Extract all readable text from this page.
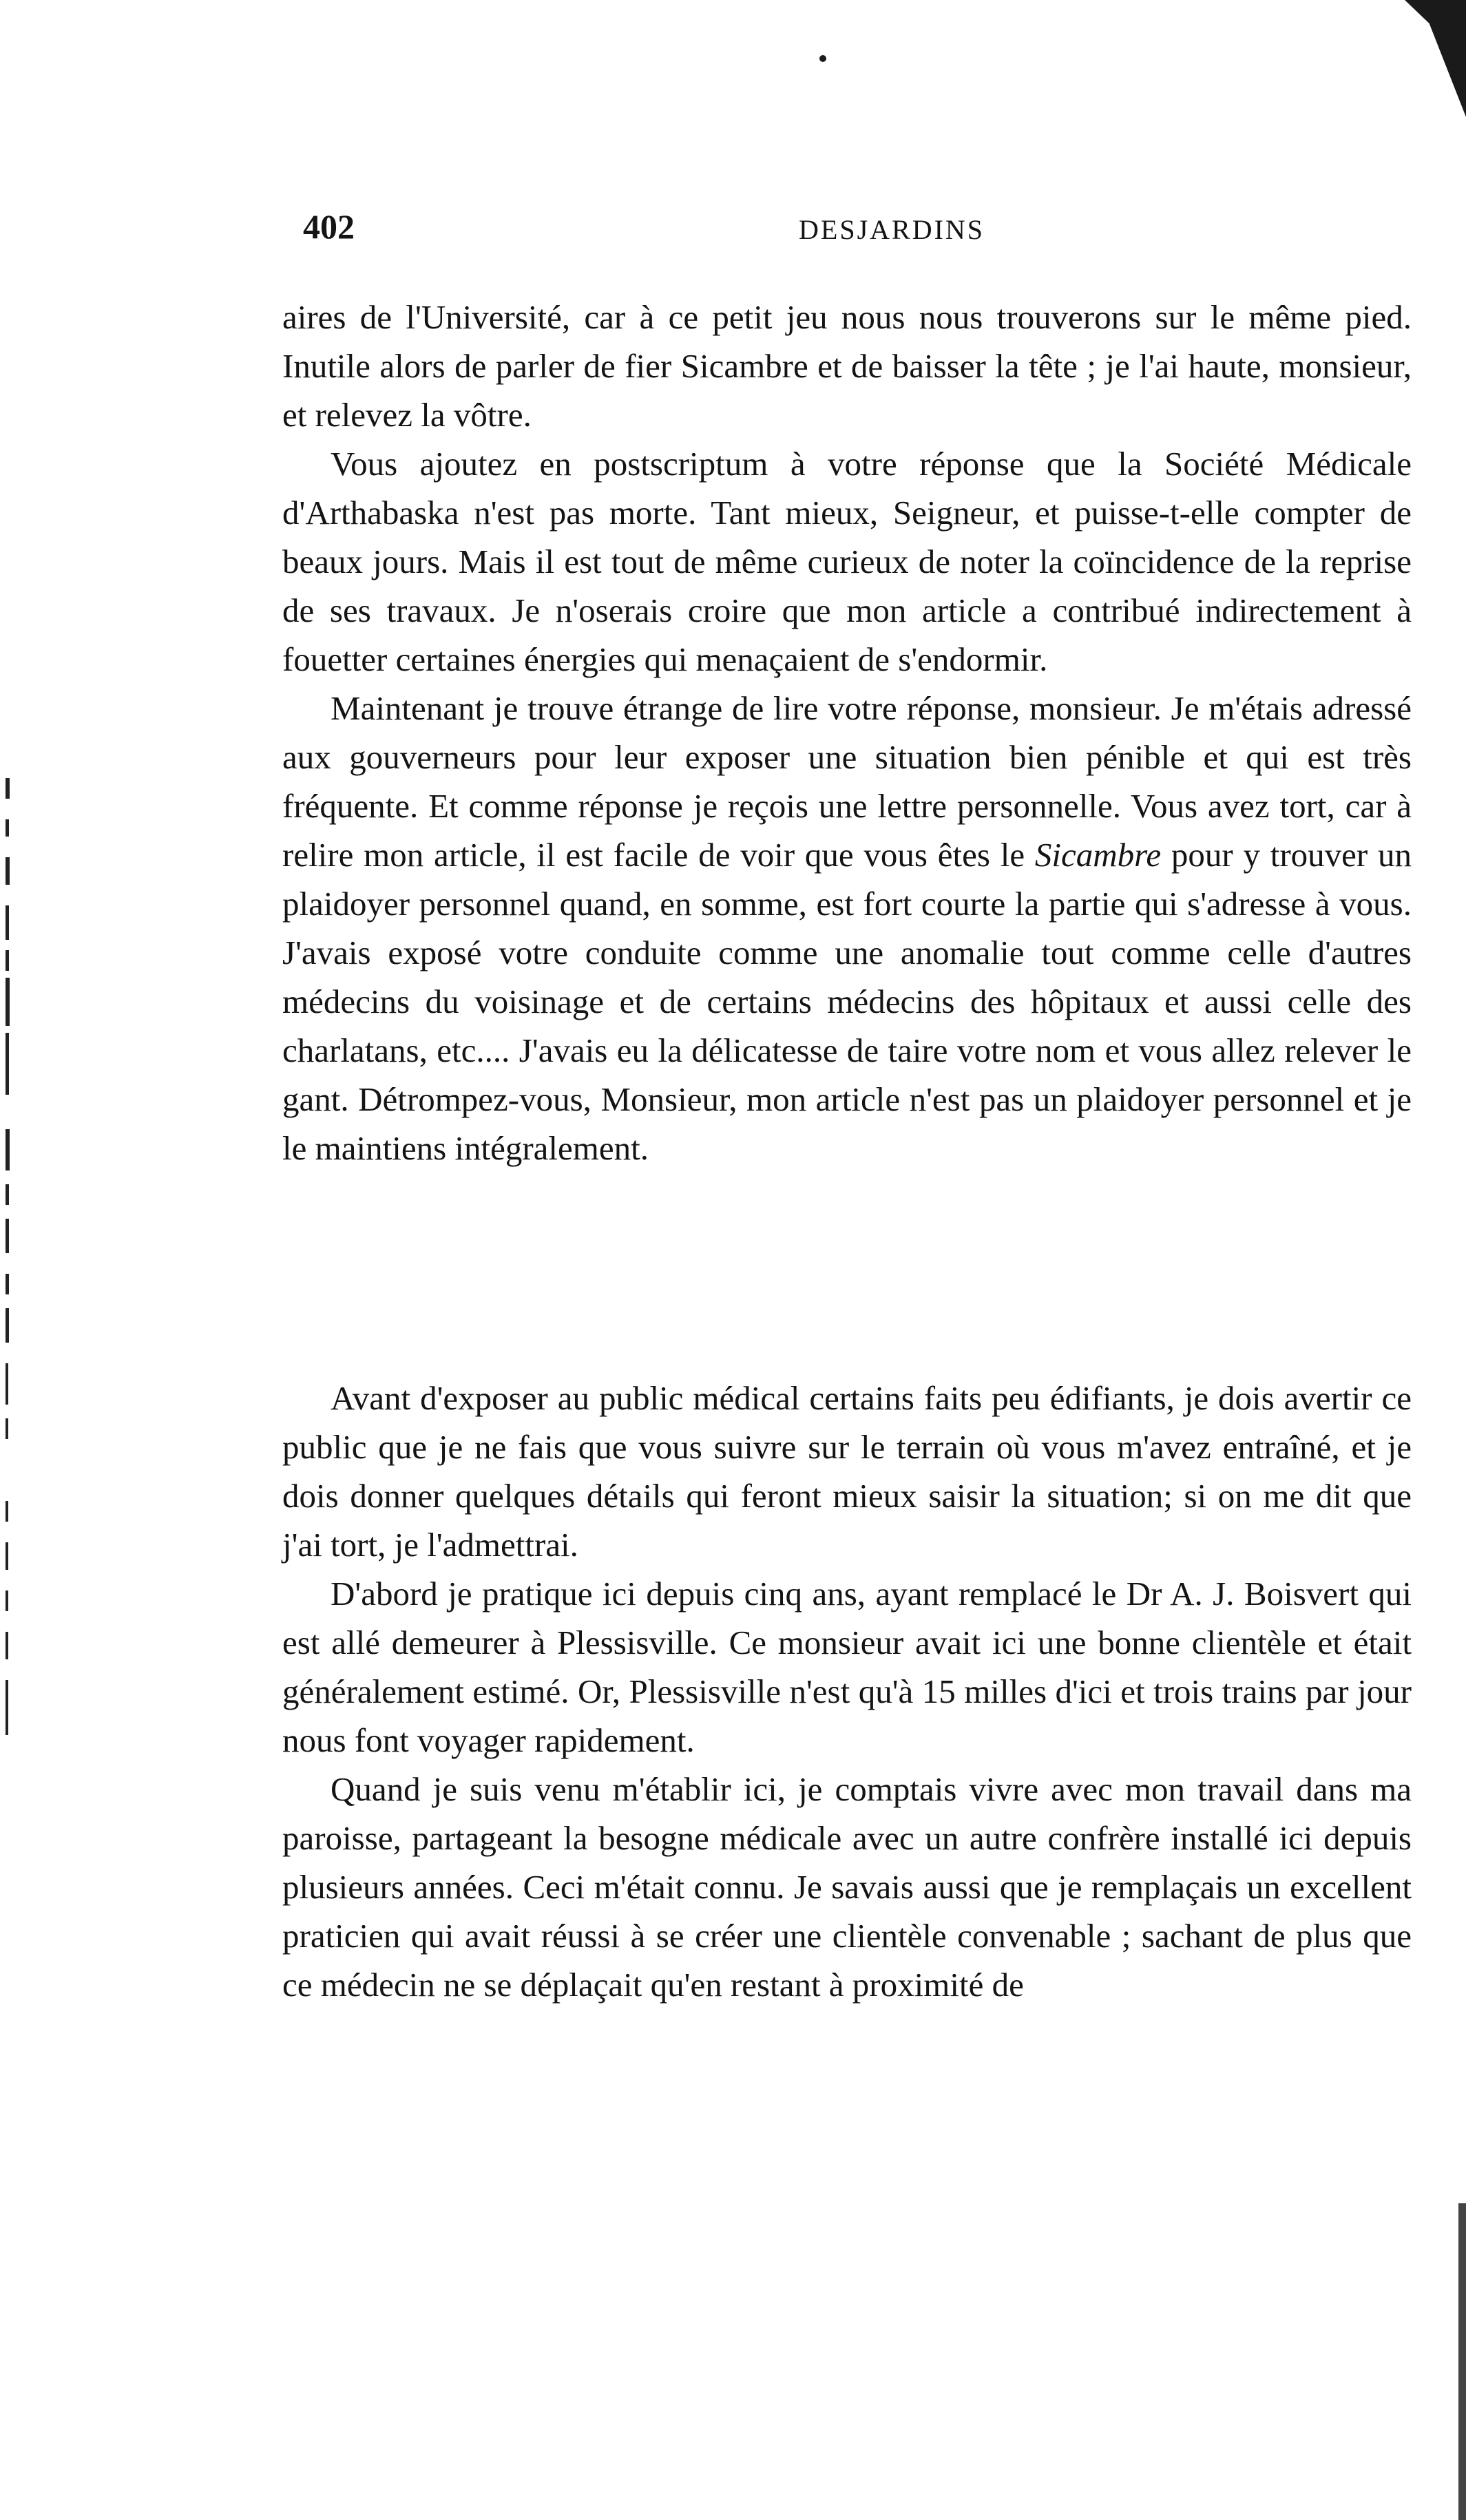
402	DESJARDINS

aires de l'Université, car à ce petit jeu nous nous trouverons sur le même pied. Inutile alors de parler de fier Sicambre et de baisser la tête ; je l'ai haute, monsieur, et relevez la vôtre.

Vous ajoutez en postscriptum à votre réponse que la Société Médicale d'Arthabaska n'est pas morte. Tant mieux, Seigneur, et puisse-t-elle compter de beaux jours. Mais il est tout de même curieux de noter la coïncidence de la reprise de ses travaux. Je n'oserais croire que mon article a contribué indirectement à fouetter certaines énergies qui menaçaient de s'endormir.

Maintenant je trouve étrange de lire votre réponse, monsieur. Je m'étais adressé aux gouverneurs pour leur exposer une situation bien pénible et qui est très fréquente. Et comme réponse je reçois une lettre personnelle. Vous avez tort, car à relire mon article, il est facile de voir que vous êtes le Sicambre pour y trouver un plaidoyer personnel quand, en somme, est fort courte la partie qui s'adresse à vous. J'avais exposé votre conduite comme une anomalie tout comme celle d'autres médecins du voisinage et de certains médecins des hôpitaux et aussi celle des charlatans, etc.... J'avais eu la délicatesse de taire votre nom et vous allez relever le gant. Détrompez-vous, Monsieur, mon article n'est pas un plaidoyer personnel et je le maintiens intégralement.

Avant d'exposer au public médical certains faits peu édifiants, je dois avertir ce public que je ne fais que vous suivre sur le terrain où vous m'avez entraîné, et je dois donner quelques détails qui feront mieux saisir la situation; si on me dit que j'ai tort, je l'admettrai.

D'abord je pratique ici depuis cinq ans, ayant remplacé le Dr A. J. Boisvert qui est allé demeurer à Plessisville. Ce monsieur avait ici une bonne clientèle et était généralement estimé. Or, Plessisville n'est qu'à 15 milles d'ici et trois trains par jour nous font voyager rapidement.

Quand je suis venu m'établir ici, je comptais vivre avec mon travail dans ma paroisse, partageant la besogne médicale avec un autre confrère installé ici depuis plusieurs années. Ceci m'était connu. Je savais aussi que je remplaçais un excellent praticien qui avait réussi à se créer une clientèle convenable ; sachant de plus que ce médecin ne se déplaçait qu'en restant à proximité de
